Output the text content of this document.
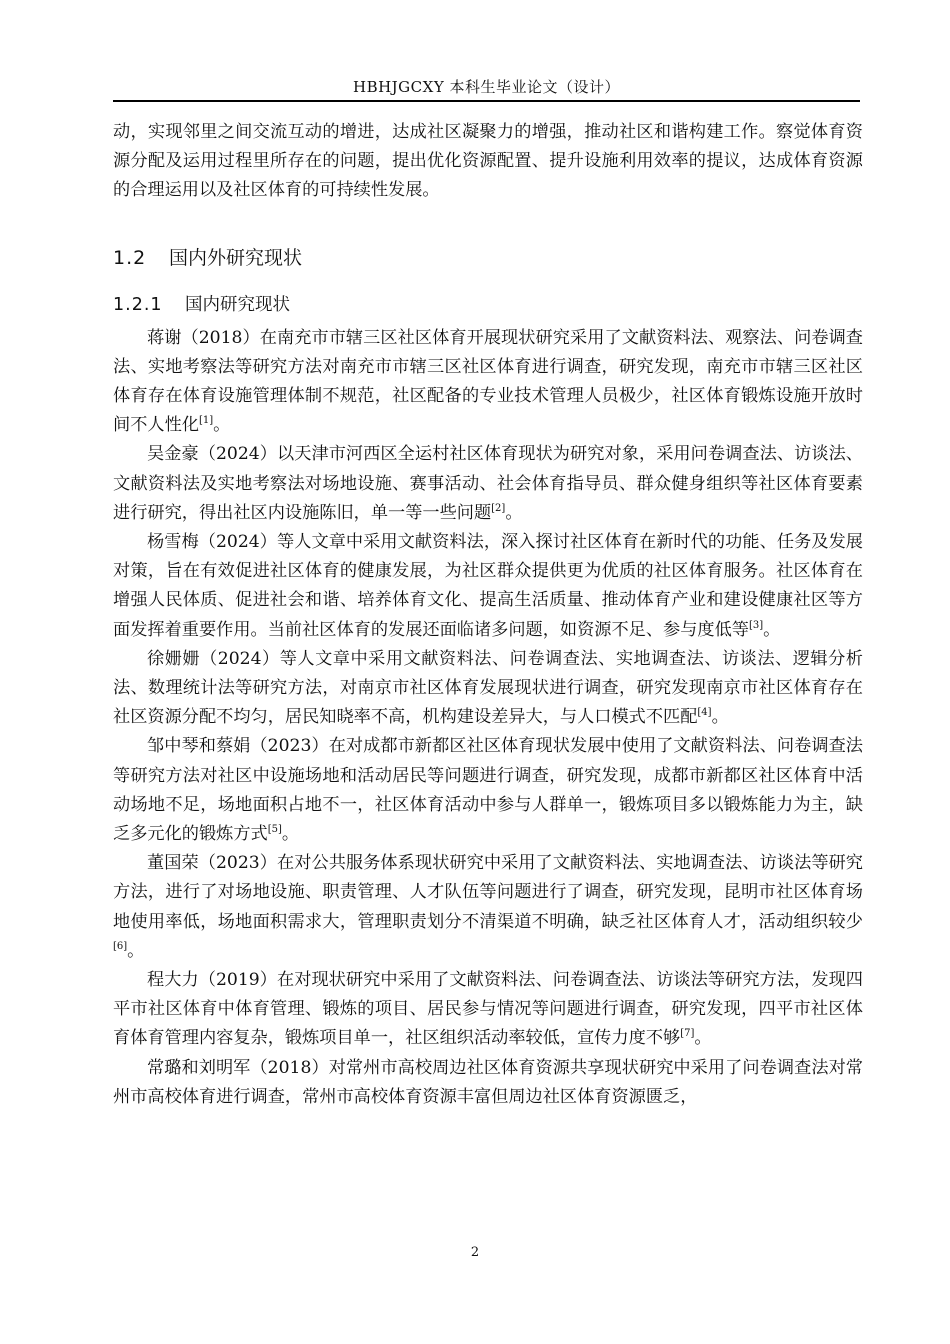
HBHJGCXY 本科生毕业论文（设计）

动，实现邻里之间交流互动的增进，达成社区凝聚力的增强，推动社区和谐构建工作。察觉体育资源分配及运用过程里所存在的问题，提出优化资源配置、提升设施利用效率的提议，达成体育资源的合理运用以及社区体育的可持续性发展。

1.2 国内外研究现状
1.2.1 国内研究现状

蒋谢（2018）在南充市市辖三区社区体育开展现状研究采用了文献资料法、观察法、问卷调查法、实地考察法等研究方法对南充市市辖三区社区体育进行调查，研究发现，南充市市辖三区社区体育存在体育设施管理体制不规范，社区配备的专业技术管理人员极少，社区体育锻炼设施开放时间不人性化[1]。

吴金豪（2024）以天津市河西区全运村社区体育现状为研究对象，采用问卷调查法、访谈法、文献资料法及实地考察法对场地设施、赛事活动、社会体育指导员、群众健身组织等社区体育要素进行研究，得出社区内设施陈旧，单一等一些问题[2]。

杨雪梅（2024）等人文章中采用文献资料法，深入探讨社区体育在新时代的功能、任务及发展对策，旨在有效促进社区体育的健康发展，为社区群众提供更为优质的社区体育服务。社区体育在增强人民体质、促进社会和谐、培养体育文化、提高生活质量、推动体育产业和建设健康社区等方面发挥着重要作用。当前社区体育的发展还面临诸多问题，如资源不足、参与度低等[3]。

徐姗姗（2024）等人文章中采用文献资料法、问卷调查法、实地调查法、访谈法、逻辑分析法、数理统计法等研究方法，对南京市社区体育发展现状进行调查，研究发现南京市社区体育存在社区资源分配不均匀，居民知晓率不高，机构建设差异大，与人口模式不匹配[4]。

邹中琴和蔡娟（2023）在对成都市新都区社区体育现状发展中使用了文献资料法、问卷调查法等研究方法对社区中设施场地和活动居民等问题进行调查，研究发现，成都市新都区社区体育中活动场地不足，场地面积占地不一，社区体育活动中参与人群单一，锻炼项目多以锻炼能力为主，缺乏多元化的锻炼方式[5]。

董国荣（2023）在对公共服务体系现状研究中采用了文献资料法、实地调查法、访谈法等研究方法，进行了对场地设施、职责管理、人才队伍等问题进行了调查，研究发现，昆明市社区体育场地使用率低，场地面积需求大，管理职责划分不清渠道不明确，缺乏社区体育人才，活动组织较少[6]。

程大力（2019）在对现状研究中采用了文献资料法、问卷调查法、访谈法等研究方法，发现四平市社区体育中体育管理、锻炼的项目、居民参与情况等问题进行调查，研究发现，四平市社区体育体育管理内容复杂，锻炼项目单一，社区组织活动率较低，宣传力度不够[7]。

常璐和刘明军（2018）对常州市高校周边社区体育资源共享现状研究中采用了问卷调查法对常州市高校体育进行调查，常州市高校体育资源丰富但周边社区体育资源匮乏，

2
